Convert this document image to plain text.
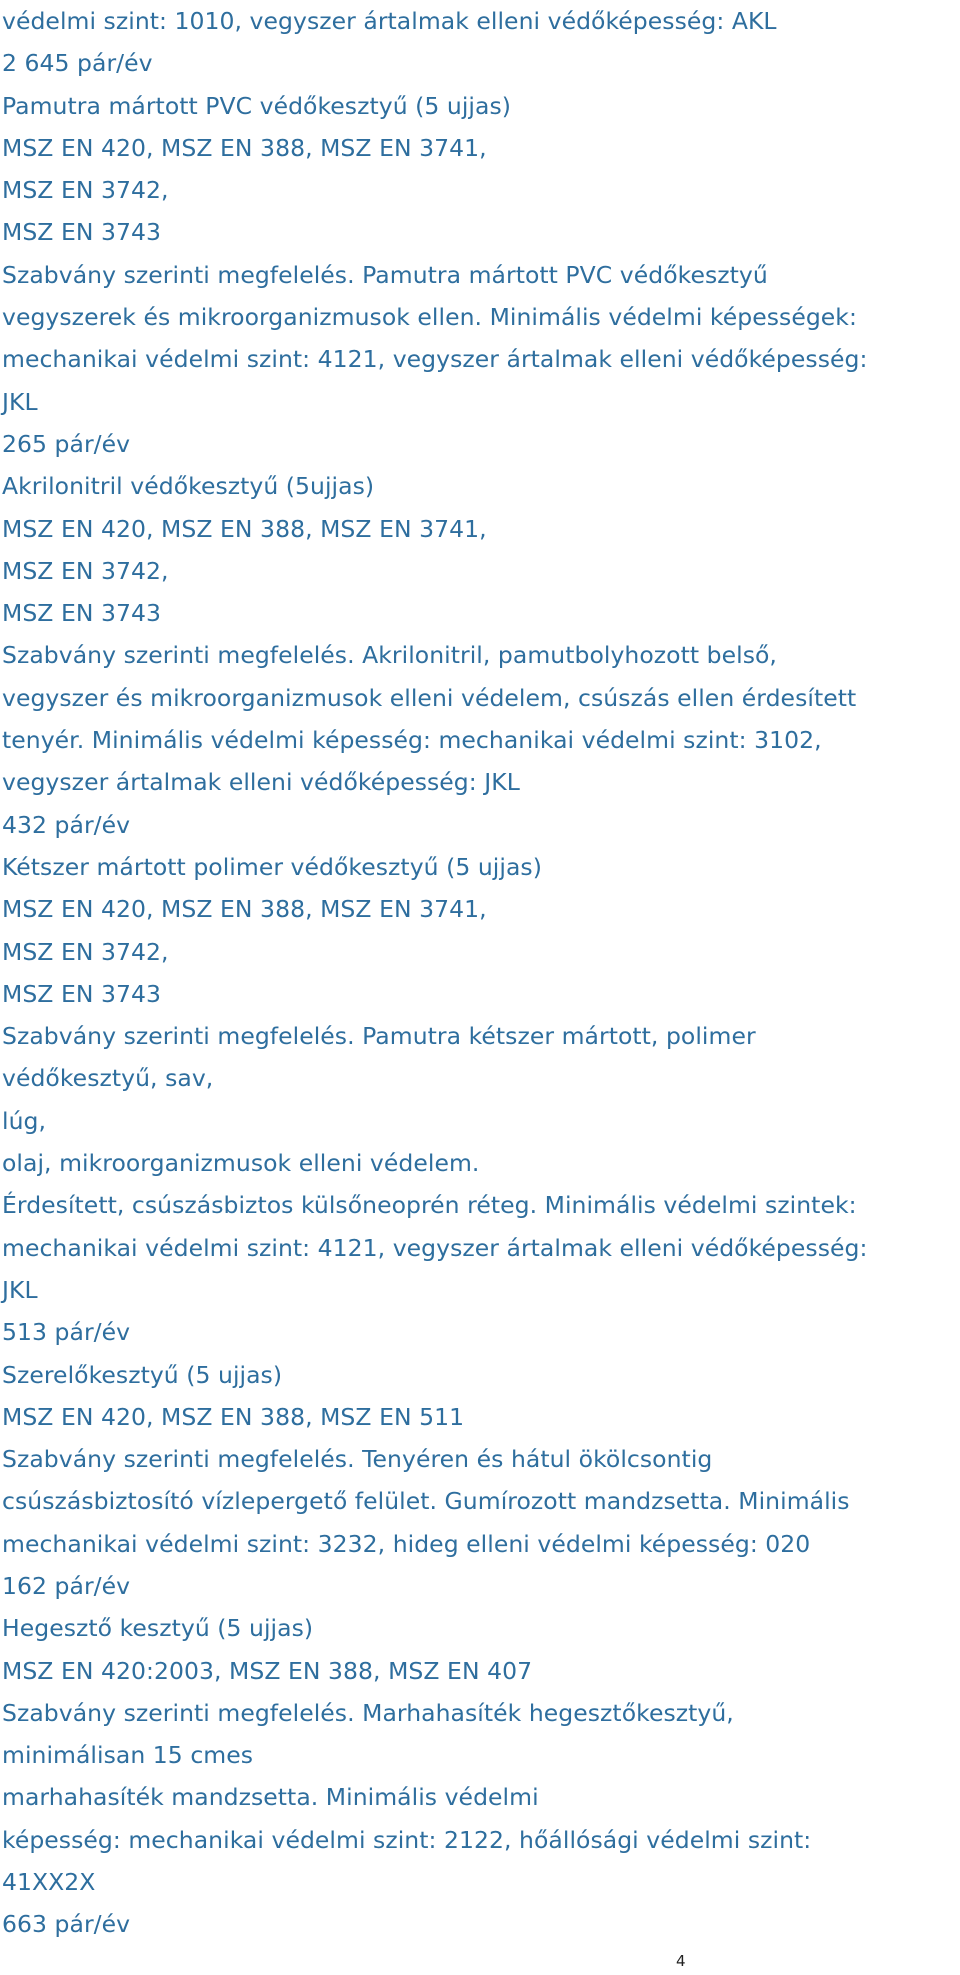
védelmi szint: 1010, vegyszer ártalmak elleni védőképesség: AKL
2 645 pár/év
Pamutra mártott PVC védőkesztyű (5 ujjas)
MSZ EN 420, MSZ EN 388, MSZ EN 3741,
MSZ EN 3742,
MSZ EN 3743
Szabvány szerinti megfelelés. Pamutra mártott PVC védőkesztyű
vegyszerek és mikroorganizmusok ellen. Minimális védelmi képességek:
mechanikai védelmi szint: 4121, vegyszer ártalmak elleni védőképesség:
JKL
265 pár/év
Akrilonitril védőkesztyű (5ujjas)
MSZ EN 420, MSZ EN 388, MSZ EN 3741,
MSZ EN 3742,
MSZ EN 3743
Szabvány szerinti megfelelés. Akrilonitril, pamutbolyhozott belső,
vegyszer és mikroorganizmusok elleni védelem, csúszás ellen érdesített
tenyér. Minimális védelmi képesség: mechanikai védelmi szint: 3102,
vegyszer ártalmak elleni védőképesség: JKL
432 pár/év
Kétszer mártott polimer védőkesztyű (5 ujjas)
MSZ EN 420, MSZ EN 388, MSZ EN 3741,
MSZ EN 3742,
MSZ EN 3743
Szabvány szerinti megfelelés. Pamutra kétszer mártott, polimer
védőkesztyű, sav,
lúg,
olaj, mikroorganizmusok elleni védelem.
Érdesített, csúszásbiztos külsőneoprén réteg. Minimális védelmi szintek:
mechanikai védelmi szint: 4121, vegyszer ártalmak elleni védőképesség:
JKL
513 pár/év
Szerelőkesztyű (5 ujjas)
MSZ EN 420, MSZ EN 388, MSZ EN 511
Szabvány szerinti megfelelés. Tenyéren és hátul ökölcsontig
csúszásbiztosító vízlepergető felület. Gumírozott mandzsetta. Minimális
mechanikai védelmi szint: 3232, hideg elleni védelmi képesség: 020
162 pár/év
Hegesztő kesztyű (5 ujjas)
MSZ EN 420:2003, MSZ EN 388, MSZ EN 407
Szabvány szerinti megfelelés. Marhahasíték hegesztőkesztyű,
minimálisan 15 cmes
marhahasíték mandzsetta. Minimális védelmi
képesség: mechanikai védelmi szint: 2122, hőállósági védelmi szint:
41XX2X
663 pár/év
4
